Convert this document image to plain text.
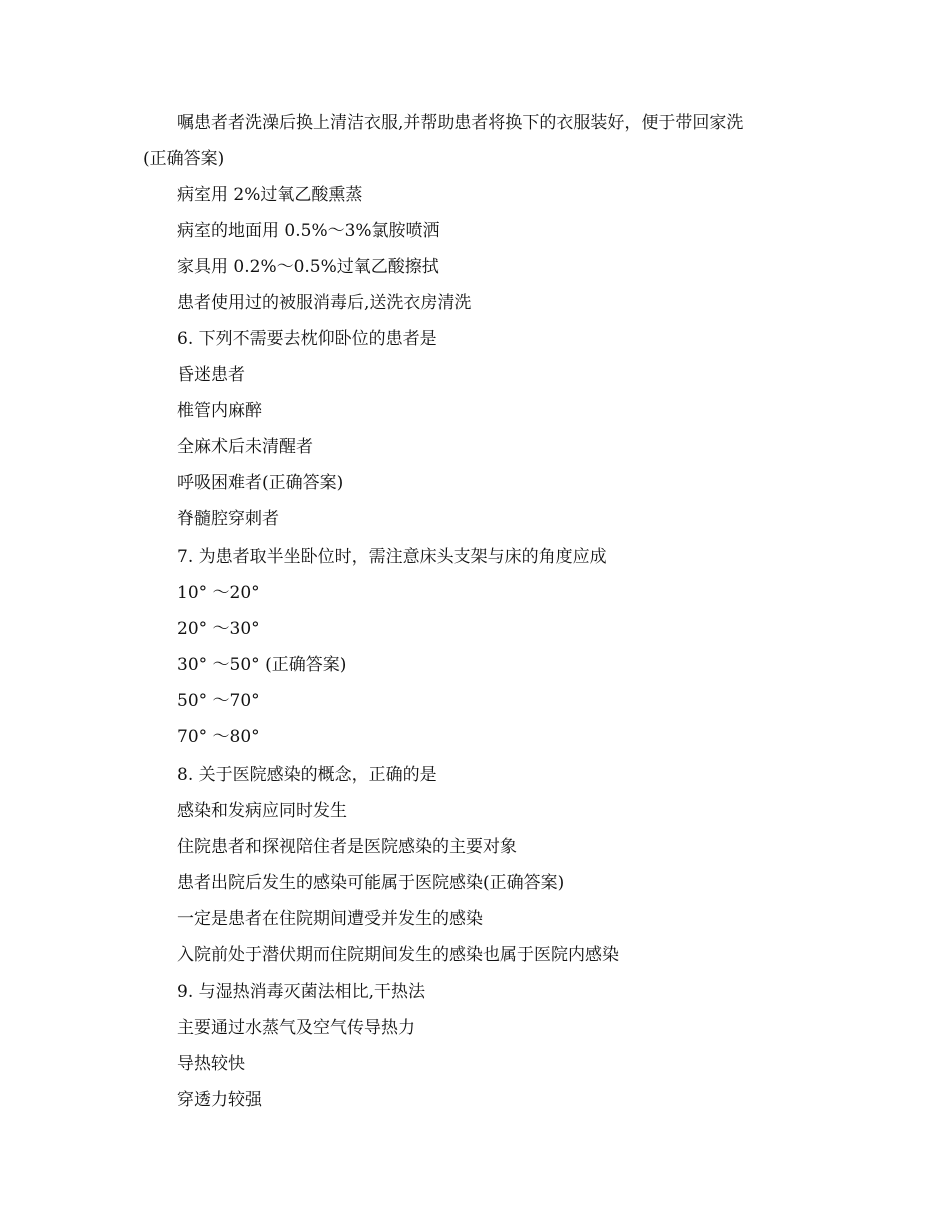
嘱患者者洗澡后换上清洁衣服,并帮助患者将换下的衣服装好，便于带回家洗
(正确答案)
病室用 2%过氧乙酸熏蒸
病室的地面用 0.5%～3%氯胺喷洒
家具用 0.2%～0.5%过氧乙酸擦拭
患者使用过的被服消毒后,送洗衣房清洗
6. 下列不需要去枕仰卧位的患者是
昏迷患者
椎管内麻醉
全麻术后未清醒者
呼吸困难者(正确答案)
脊髓腔穿刺者
7. 为患者取半坐卧位时，需注意床头支架与床的角度应成
10° ～20°
20° ～30°
30° ～50° (正确答案)
50° ～70°
70° ～80°
8. 关于医院感染的概念，正确的是
感染和发病应同时发生
住院患者和探视陪住者是医院感染的主要对象
患者出院后发生的感染可能属于医院感染(正确答案)
一定是患者在住院期间遭受并发生的感染
入院前处于潜伏期而住院期间发生的感染也属于医院内感染
9. 与湿热消毒灭菌法相比,干热法
主要通过水蒸气及空气传导热力
导热较快
穿透力较强
